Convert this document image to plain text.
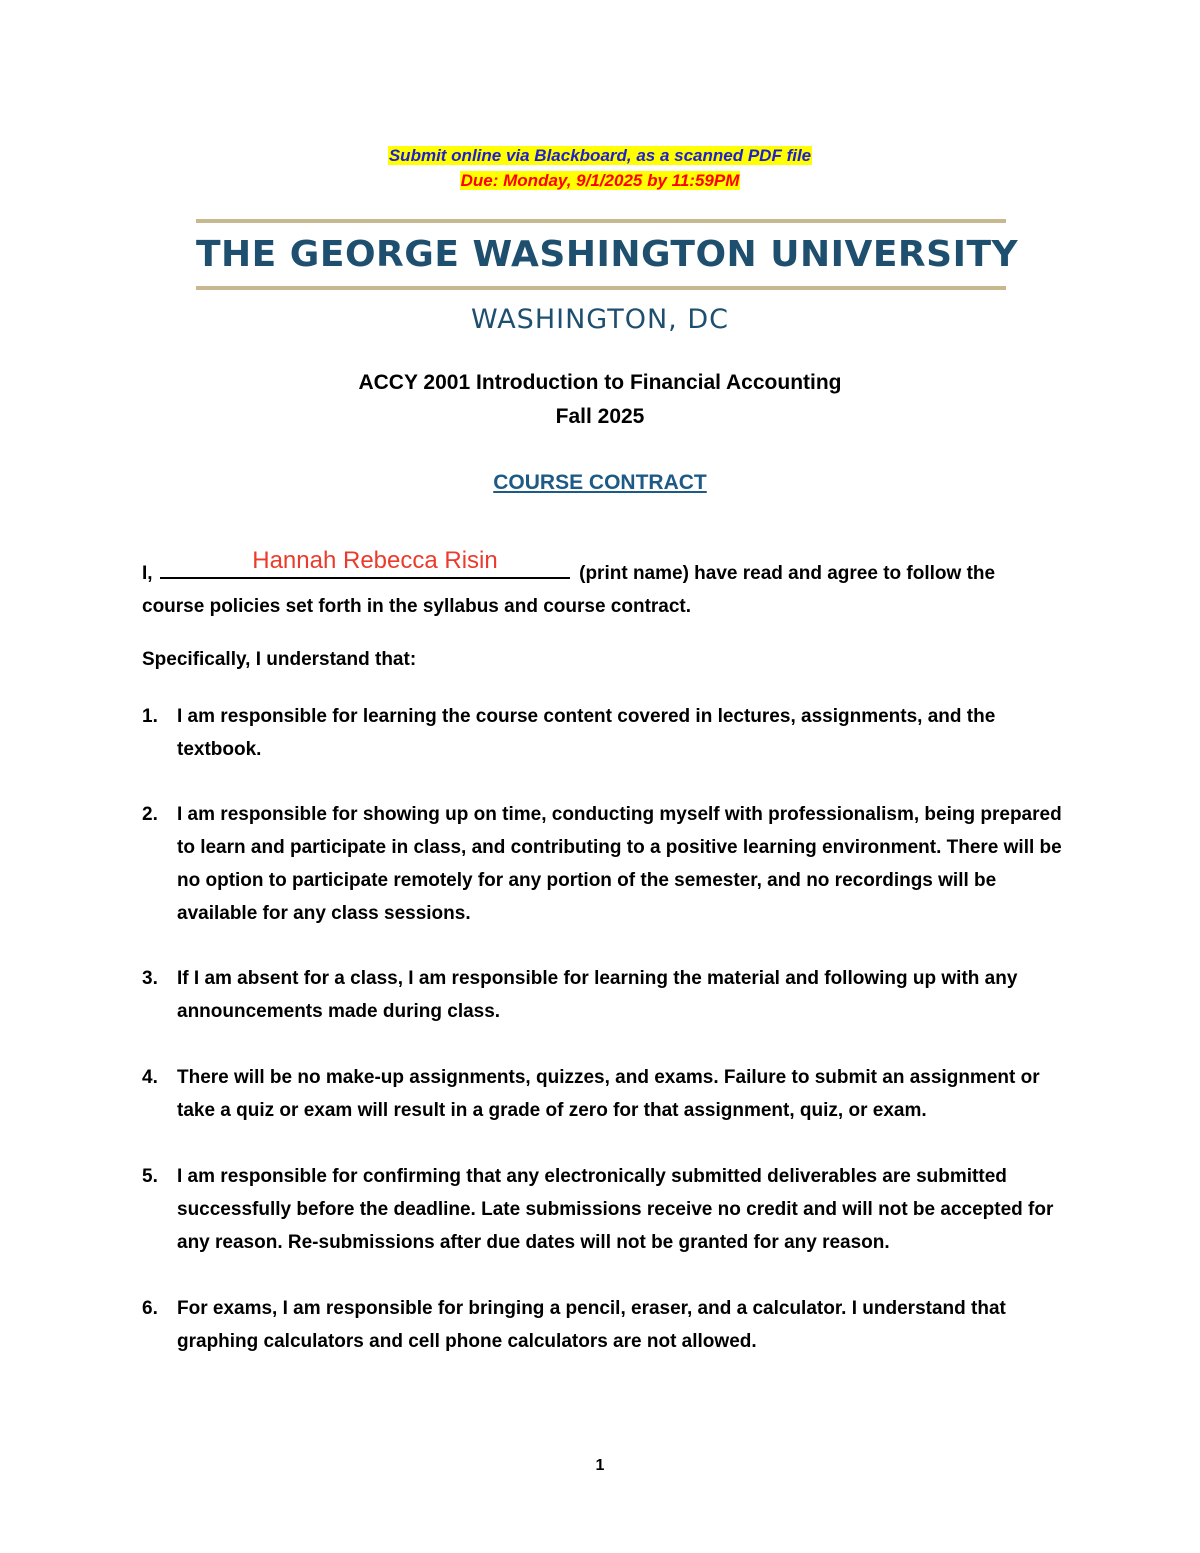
Submit online via Blackboard, as a scanned PDF file
Due: Monday, 9/1/2025 by 11:59PM
THE GEORGE WASHINGTON UNIVERSITY
WASHINGTON, DC
ACCY 2001 Introduction to Financial Accounting
Fall 2025
COURSE CONTRACT
I,	(print name) have read and agree to follow the course policies set forth in the syllabus and course contract.
Hannah Rebecca Risin
Specifically, I understand that:
1.	I am responsible for learning the course content covered in lectures, assignments, and the textbook.
2.	I am responsible for showing up on time, conducting myself with professionalism, being prepared to learn and participate in class, and contributing to a positive learning environment. There will be no option to participate remotely for any portion of the semester, and no recordings will be available for any class sessions.
3.	If I am absent for a class, I am responsible for learning the material and following up with any announcements made during class.
4.	There will be no make-up assignments, quizzes, and exams. Failure to submit an assignment or take a quiz or exam will result in a grade of zero for that assignment, quiz, or exam.
5.	I am responsible for confirming that any electronically submitted deliverables are submitted successfully before the deadline. Late submissions receive no credit and will not be accepted for any reason. Re-submissions after due dates will not be granted for any reason.
6.	For exams, I am responsible for bringing a pencil, eraser, and a calculator. I understand that graphing calculators and cell phone calculators are not allowed.
1
